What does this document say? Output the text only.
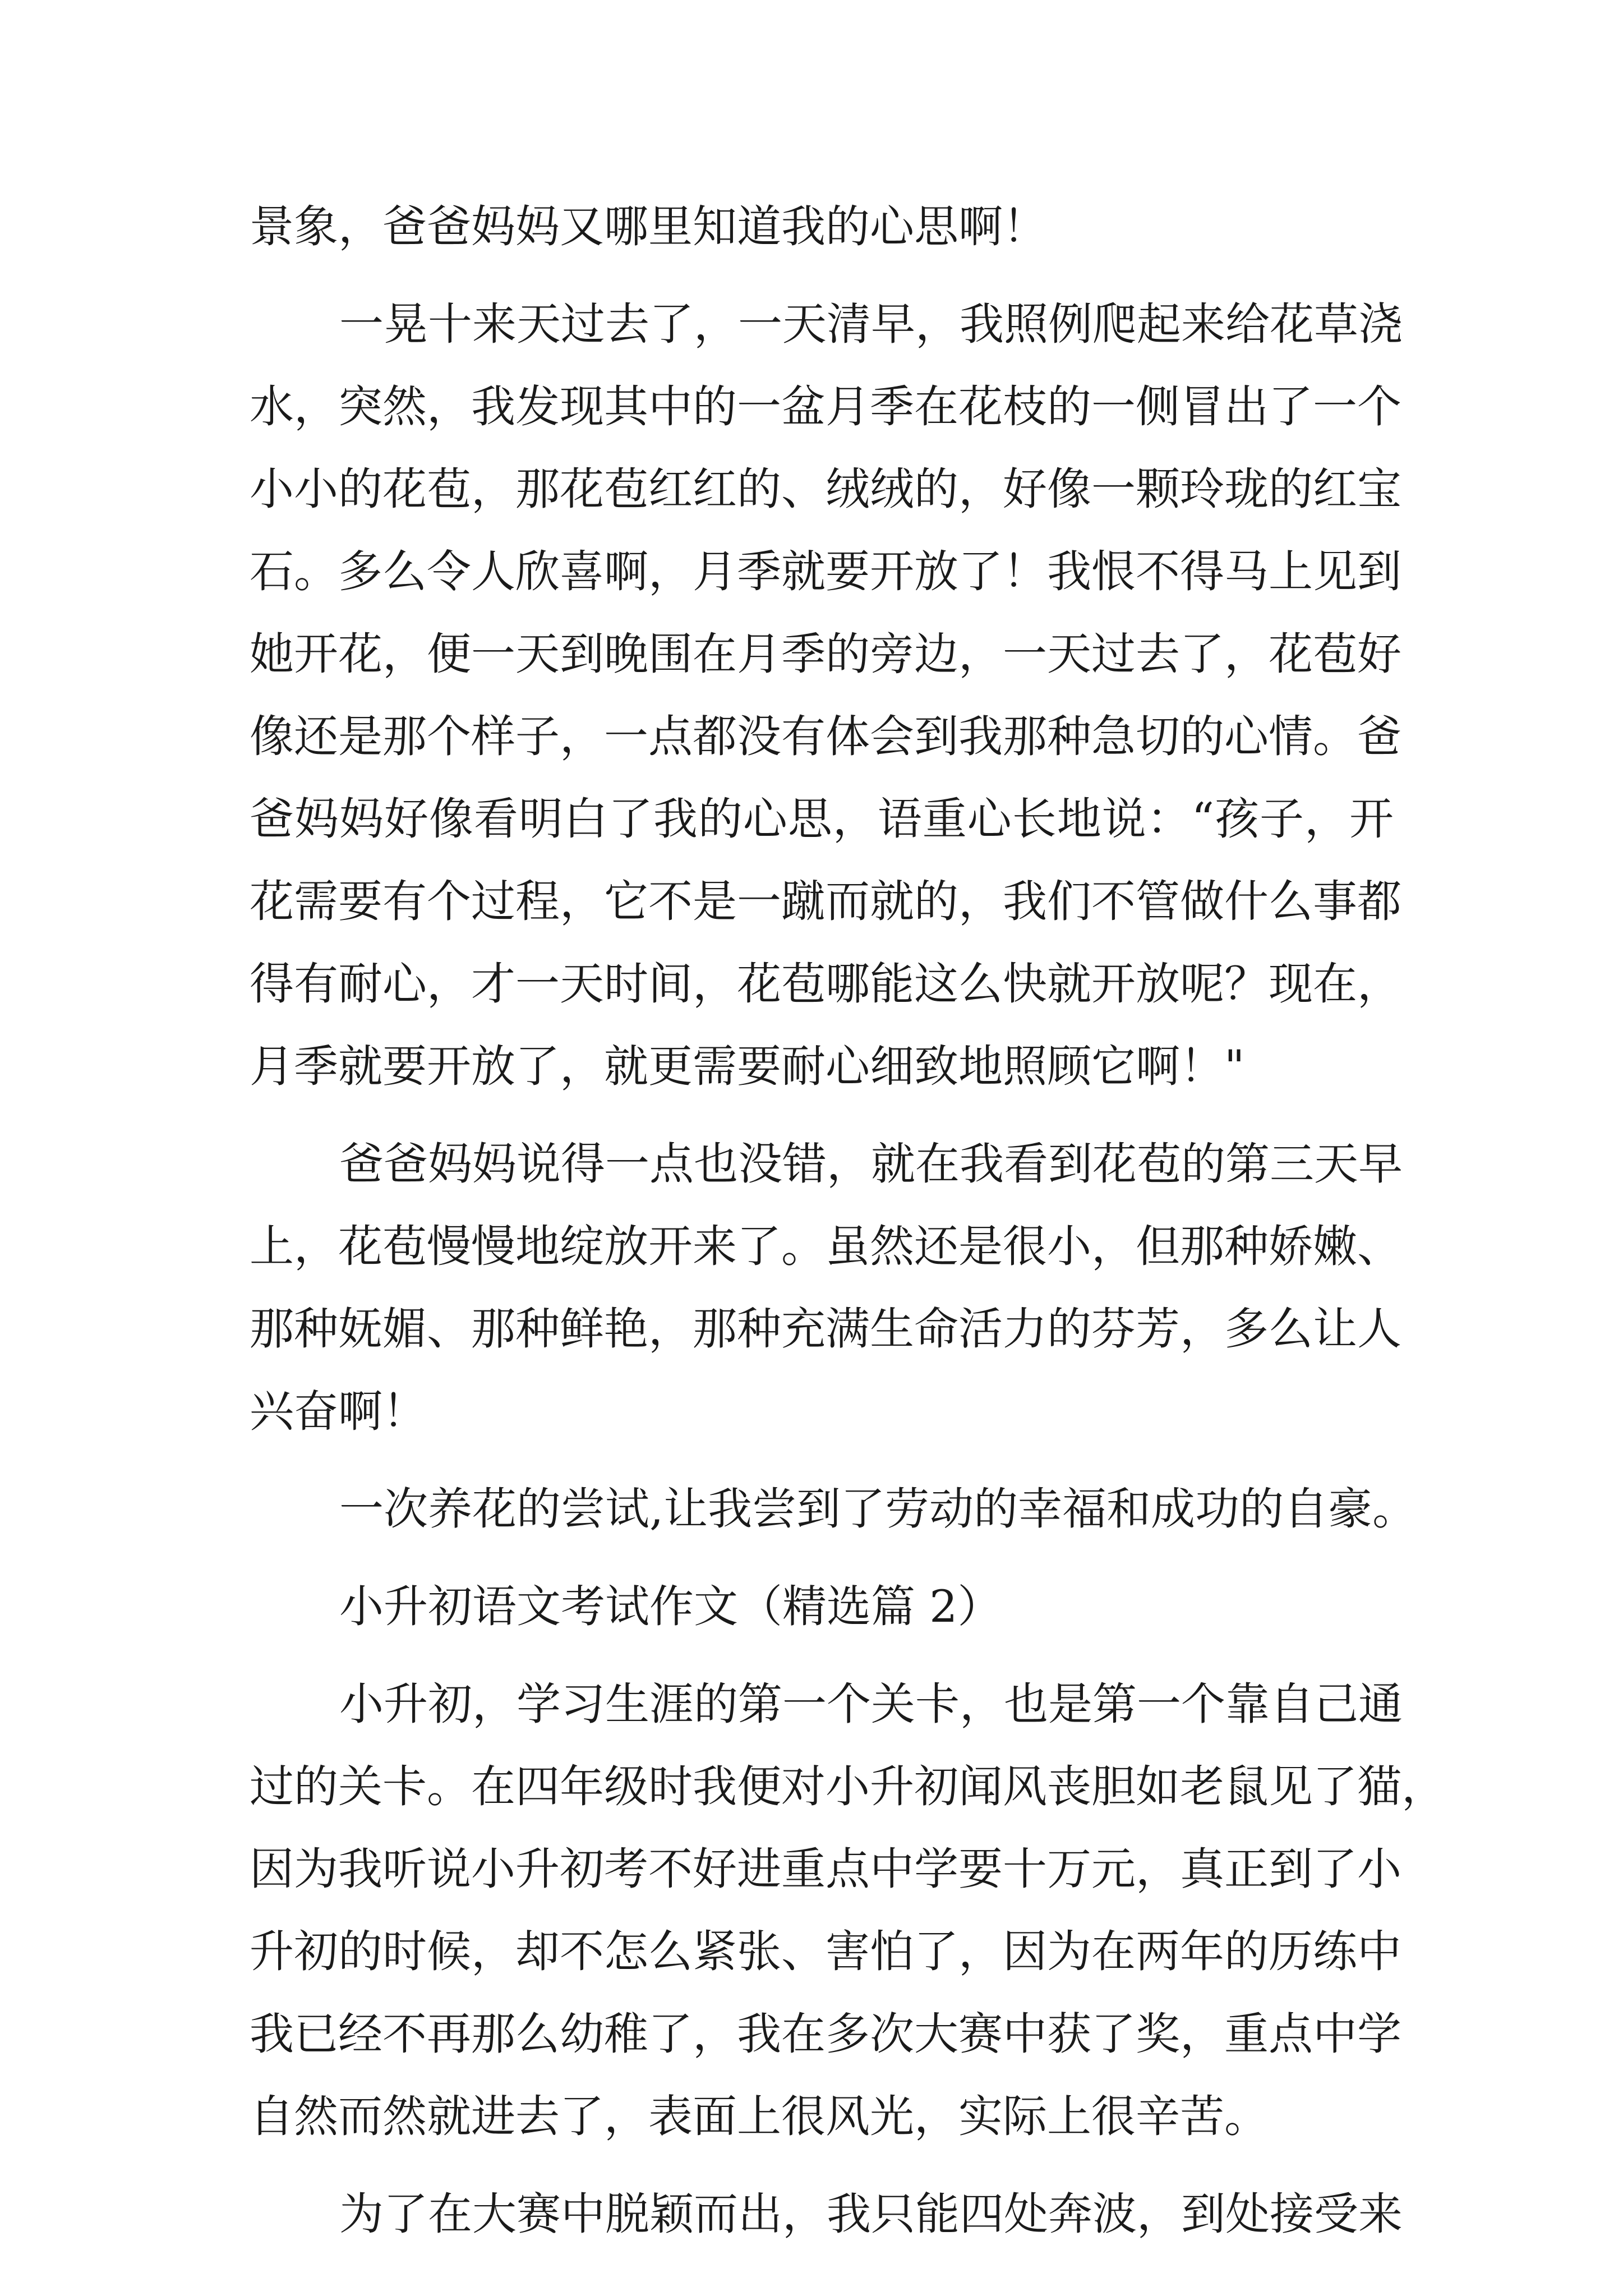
景象，爸爸妈妈又哪里知道我的心思啊！
一晃十来天过去了，一天清早，我照例爬起来给花草浇
水，突然，我发现其中的一盆月季在花枝的一侧冒出了一个
小小的花苞，那花苞红红的、绒绒的，好像一颗玲珑的红宝
石。多么令人欣喜啊，月季就要开放了！我恨不得马上见到
她开花，便一天到晚围在月季的旁边，一天过去了，花苞好
像还是那个样子，一点都没有体会到我那种急切的心情。爸
爸妈妈好像看明白了我的心思，语重心长地说：“孩子，开
花需要有个过程，它不是一蹴而就的，我们不管做什么事都
得有耐心，才一天时间，花苞哪能这么快就开放呢？现在，
月季就要开放了，就更需要耐心细致地照顾它啊！"
爸爸妈妈说得一点也没错，就在我看到花苞的第三天早
上，花苞慢慢地绽放开来了。虽然还是很小，但那种娇嫩、
那种妩媚、那种鲜艳，那种充满生命活力的芬芳，多么让人
兴奋啊！
一次养花的尝试,让我尝到了劳动的幸福和成功的自豪。
小升初语文考试作文（精选篇 2）
小升初，学习生涯的第一个关卡，也是第一个靠自己通
过的关卡。在四年级时我便对小升初闻风丧胆如老鼠见了猫，
因为我听说小升初考不好进重点中学要十万元，真正到了小
升初的时候，却不怎么紧张、害怕了，因为在两年的历练中
我已经不再那么幼稚了，我在多次大赛中获了奖，重点中学
自然而然就进去了，表面上很风光，实际上很辛苦。
为了在大赛中脱颖而出，我只能四处奔波，到处接受来
